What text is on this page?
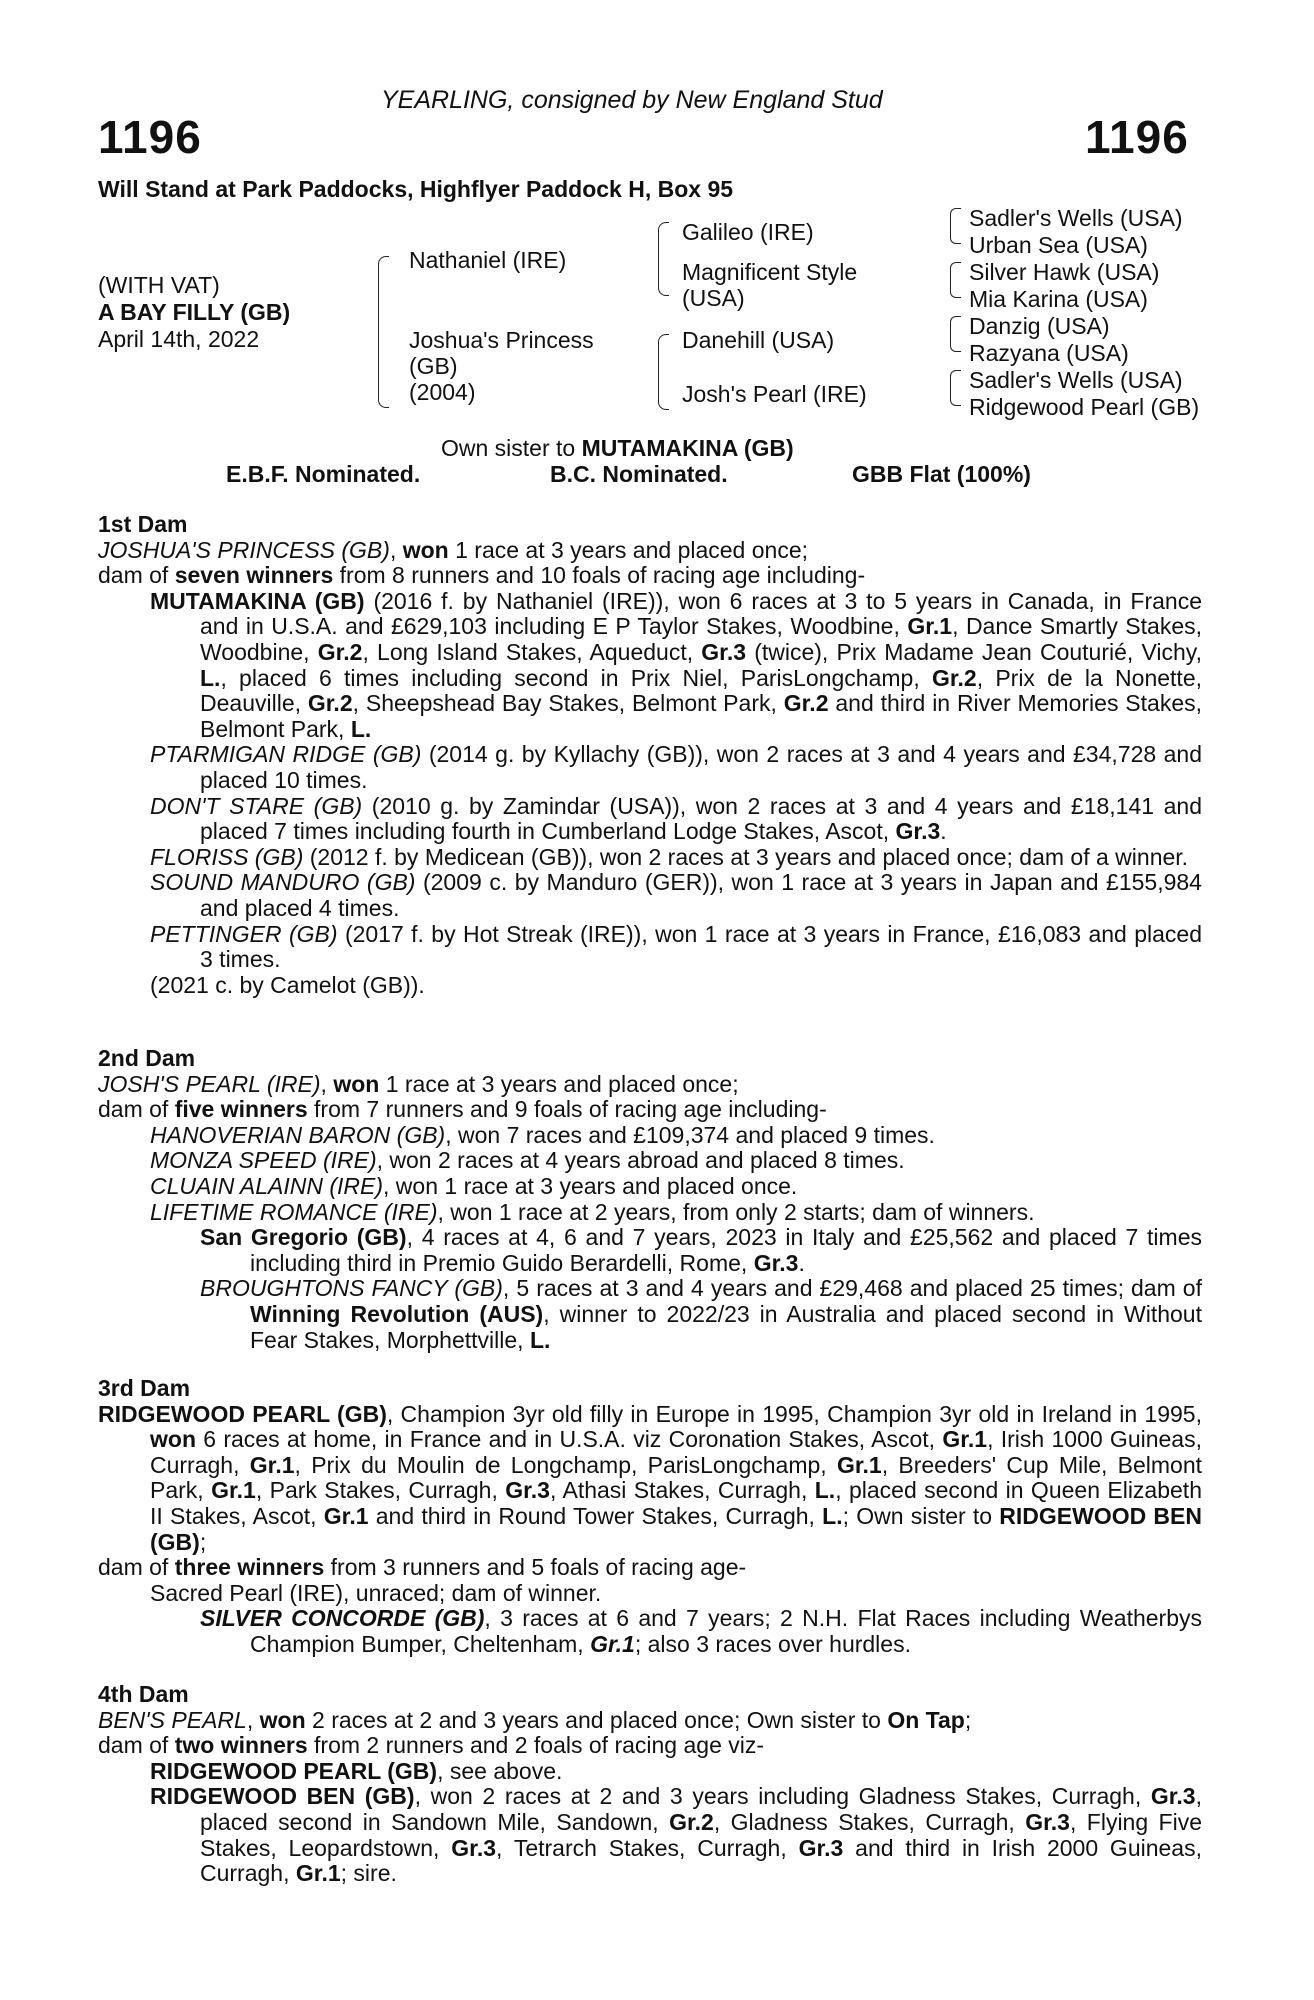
YEARLING, consigned by New England Stud
1196	1196
Will Stand at Park Paddocks, Highflyer Paddock H, Box 95
(WITH VAT)
A BAY FILLY (GB)
April 14th, 2022
Nathaniel (IRE)
Joshua's Princess
(GB)
(2004)
Galileo (IRE)
Magnificent Style
(USA)
Danehill (USA)
Josh's Pearl (IRE)
Sadler's Wells (USA)
Urban Sea (USA)
Silver Hawk (USA)
Mia Karina (USA)
Danzig (USA)
Razyana (USA)
Sadler's Wells (USA)
Ridgewood Pearl (GB)
Own sister to MUTAMAKINA (GB)
E.B.F. Nominated.	B.C. Nominated.	GBB Flat (100%)
1st Dam
JOSHUA'S PRINCESS (GB), won 1 race at 3 years and placed once;
dam of seven winners from 8 runners and 10 foals of racing age including-
MUTAMAKINA (GB) (2016 f. by Nathaniel (IRE)), won 6 races at 3 to 5 years in Canada, in France and in U.S.A. and £629,103 including E P Taylor Stakes, Woodbine, Gr.1, Dance Smartly Stakes, Woodbine, Gr.2, Long Island Stakes, Aqueduct, Gr.3 (twice), Prix Madame Jean Couturié, Vichy, L., placed 6 times including second in Prix Niel, ParisLongchamp, Gr.2, Prix de la Nonette, Deauville, Gr.2, Sheepshead Bay Stakes, Belmont Park, Gr.2 and third in River Memories Stakes, Belmont Park, L.
PTARMIGAN RIDGE (GB) (2014 g. by Kyllachy (GB)), won 2 races at 3 and 4 years and £34,728 and placed 10 times.
DON'T STARE (GB) (2010 g. by Zamindar (USA)), won 2 races at 3 and 4 years and £18,141 and placed 7 times including fourth in Cumberland Lodge Stakes, Ascot, Gr.3.
FLORISS (GB) (2012 f. by Medicean (GB)), won 2 races at 3 years and placed once; dam of a winner.
SOUND MANDURO (GB) (2009 c. by Manduro (GER)), won 1 race at 3 years in Japan and £155,984 and placed 4 times.
PETTINGER (GB) (2017 f. by Hot Streak (IRE)), won 1 race at 3 years in France, £16,083 and placed 3 times.
(2021 c. by Camelot (GB)).
2nd Dam
JOSH'S PEARL (IRE), won 1 race at 3 years and placed once;
dam of five winners from 7 runners and 9 foals of racing age including-
HANOVERIAN BARON (GB), won 7 races and £109,374 and placed 9 times.
MONZA SPEED (IRE), won 2 races at 4 years abroad and placed 8 times.
CLUAIN ALAINN (IRE), won 1 race at 3 years and placed once.
LIFETIME ROMANCE (IRE), won 1 race at 2 years, from only 2 starts; dam of winners.
San Gregorio (GB), 4 races at 4, 6 and 7 years, 2023 in Italy and £25,562 and placed 7 times including third in Premio Guido Berardelli, Rome, Gr.3.
BROUGHTONS FANCY (GB), 5 races at 3 and 4 years and £29,468 and placed 25 times; dam of Winning Revolution (AUS), winner to 2022/23 in Australia and placed second in Without Fear Stakes, Morphettville, L.
3rd Dam
RIDGEWOOD PEARL (GB), Champion 3yr old filly in Europe in 1995, Champion 3yr old in Ireland in 1995, won 6 races at home, in France and in U.S.A. viz Coronation Stakes, Ascot, Gr.1, Irish 1000 Guineas, Curragh, Gr.1, Prix du Moulin de Longchamp, ParisLongchamp, Gr.1, Breeders' Cup Mile, Belmont Park, Gr.1, Park Stakes, Curragh, Gr.3, Athasi Stakes, Curragh, L., placed second in Queen Elizabeth II Stakes, Ascot, Gr.1 and third in Round Tower Stakes, Curragh, L.; Own sister to RIDGEWOOD BEN (GB);
dam of three winners from 3 runners and 5 foals of racing age-
Sacred Pearl (IRE), unraced; dam of winner.
SILVER CONCORDE (GB), 3 races at 6 and 7 years; 2 N.H. Flat Races including Weatherbys Champion Bumper, Cheltenham, Gr.1; also 3 races over hurdles.
4th Dam
BEN'S PEARL, won 2 races at 2 and 3 years and placed once; Own sister to On Tap;
dam of two winners from 2 runners and 2 foals of racing age viz-
RIDGEWOOD PEARL (GB), see above.
RIDGEWOOD BEN (GB), won 2 races at 2 and 3 years including Gladness Stakes, Curragh, Gr.3, placed second in Sandown Mile, Sandown, Gr.2, Gladness Stakes, Curragh, Gr.3, Flying Five Stakes, Leopardstown, Gr.3, Tetrarch Stakes, Curragh, Gr.3 and third in Irish 2000 Guineas, Curragh, Gr.1; sire.
